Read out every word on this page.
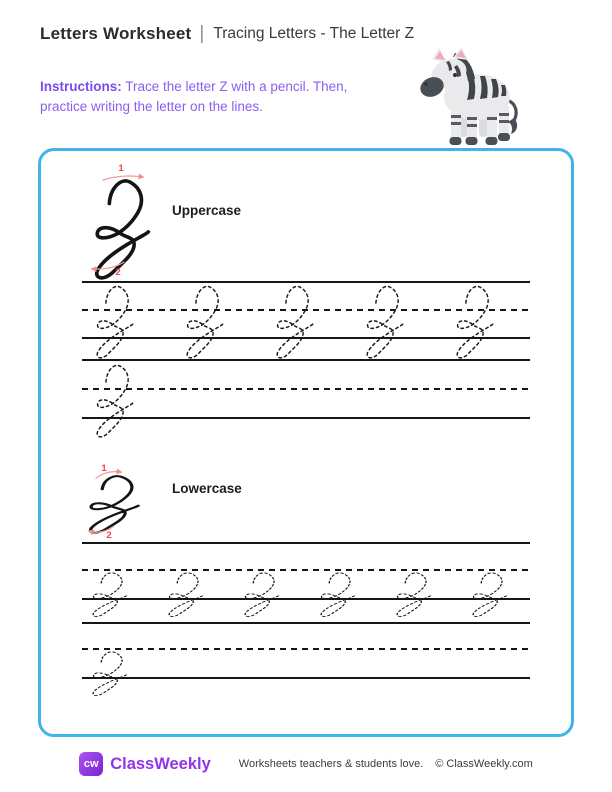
Letters Worksheet | Tracing Letters - The Letter Z

Instructions: Trace the letter Z with a pencil. Then, practice writing the letter on the lines.

1
2
Uppercase
1
2
Lowercase
cw ClassWeekly	Worksheets teachers & students love. © ClassWeekly.com
